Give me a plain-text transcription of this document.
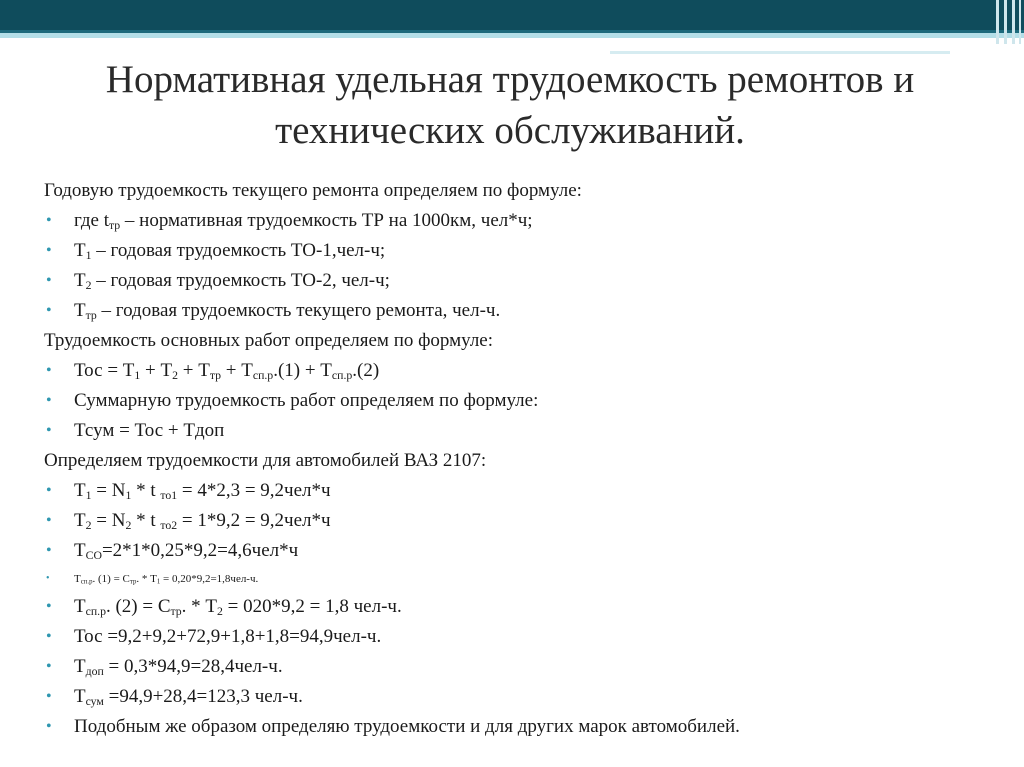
Нормативная удельная трудоемкость ремонтов и
технических обслуживаний.
Годовую трудоемкость текущего ремонта определяем по формуле:
• где $t_{тр}$ – нормативная трудоемкость ТР на 1000км, чел*ч;
• $Т_1$ – годовая трудоемкость ТО-1,чел-ч;
• $Т_2$ – годовая трудоемкость ТО-2, чел-ч;
• $Т_{тр}$ – годовая трудоемкость текущего ремонта, чел-ч.
Трудоемкость основных работ определяем по формуле:
• Тос = $Т_1 + Т_2 + Т_{тр} + Т_{сп.р}.(1) + Т_{сп.р}.(2)$
• Суммарную трудоемкость работ определяем по формуле:
• Тсум = Тос + Тдоп
Определяем трудоемкости для автомобилей ВАЗ 2107:
• $Т_1 = N_1 * t$ $_{то1}$ = 4*2,3 = 9,2чел*ч
• $Т_2 = N_2 * t$ $_{то2}$ = 1*9,2 = 9,2чел*ч
• $Т_{СО}=2*1*0,25*9,2=4,6чел*ч$
• $Т_{сп.р}$. $(1) = С_{тр}$. * $Т_1 = 0,20*9,2=1,8чел-ч$.
• $Т_{сп.р}$. $(2) = С_{тр}$. * $Т_2 = 020*9,2 = 1,8$ чел-ч.
• Тос =9,2+9,2+72,9+1,8+1,8=94,9чел-ч.
• $Т_{доп} = 0,3*94,9=28,4чел-ч$.
• $Т_{сум} =94,9+28,4=123,3$ чел-ч.
• Подобным же образом определяю трудоемкости и для других марок автомобилей.
